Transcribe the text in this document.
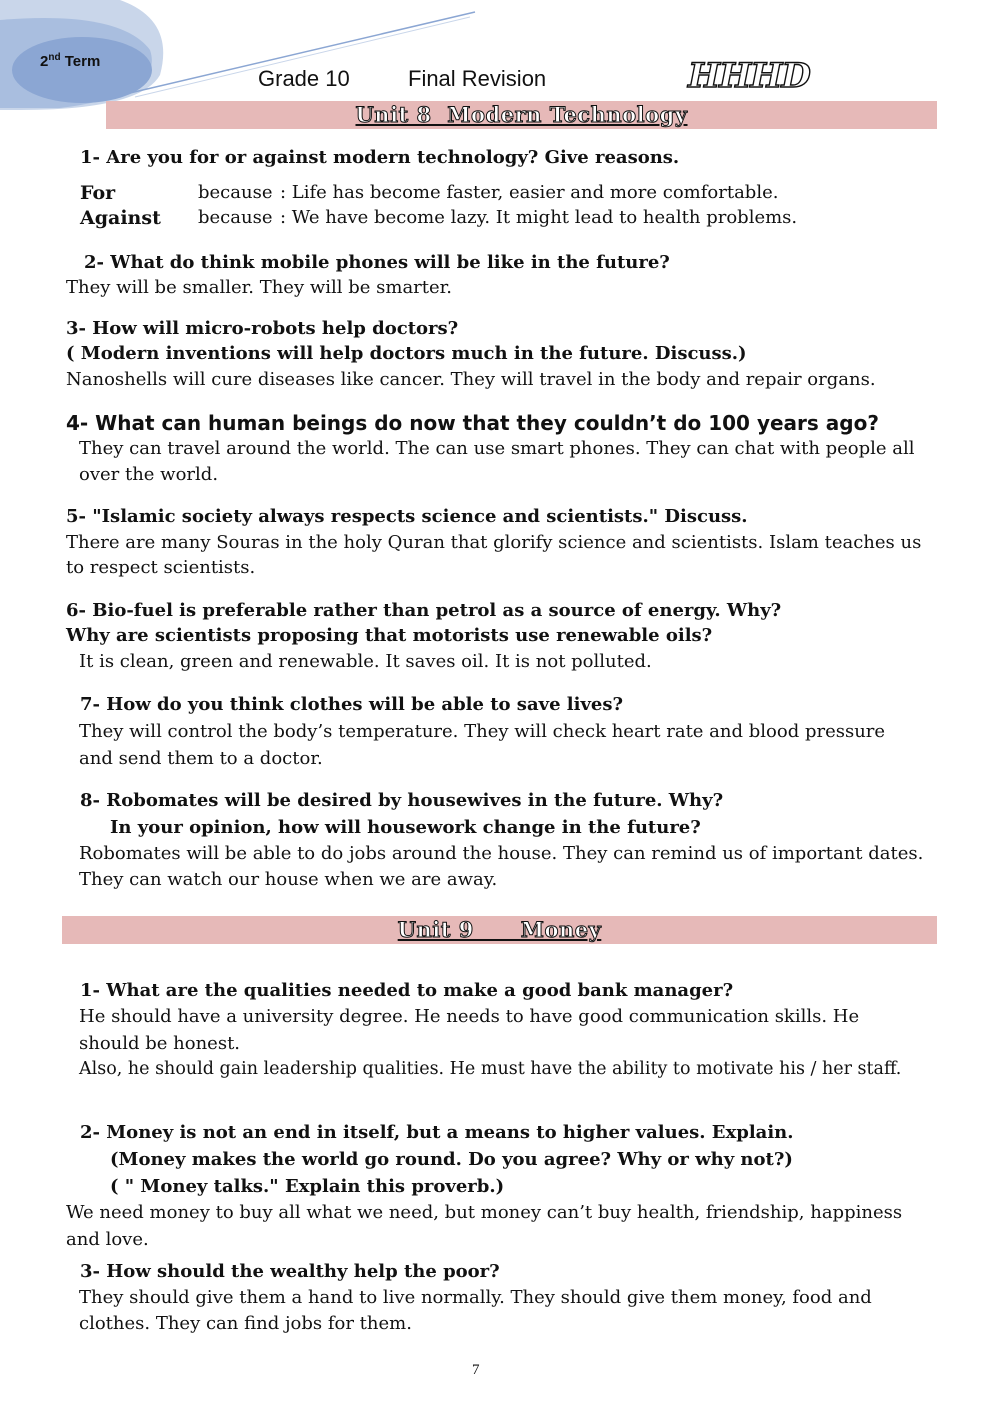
2nd Term
Grade 10	Final Revision	HHHD
Unit 8  Modern Technology
1- Are you for or against modern technology? Give reasons.
For	because : Life has become faster, easier and more comfortable.
Against because : We have become lazy. It might lead to health problems.
2- What do think mobile phones will be like in the future?
They will be smaller. They will be smarter.
3- How will micro-robots help doctors?
( Modern inventions will help doctors much in the future. Discuss.)
Nanoshells will cure diseases like cancer. They will travel in the body and repair organs.
4- What can human beings do now that they couldn’t do 100 years ago?
They can travel around the world. The can use smart phones. They can chat with people all
over the world.
5- "Islamic society always respects science and scientists." Discuss.
There are many Souras in the holy Quran that glorify science and scientists. Islam teaches us
to respect scientists.
6- Bio-fuel is preferable rather than petrol as a source of energy. Why?
Why are scientists proposing that motorists use renewable oils?
It is clean, green and renewable. It saves oil. It is not polluted.
7- How do you think clothes will be able to save lives?
They will control the body’s temperature. They will check heart rate and blood pressure
and send them to a doctor.
8- Robomates will be desired by housewives in the future. Why?
In your opinion, how will housework change in the future?
Robomates will be able to do jobs around the house. They can remind us of important dates.
They can watch our house when we are away.
Unit 9      Money
1- What are the qualities needed to make a good bank manager?
He should have a university degree. He needs to have good communication skills. He
should be honest.
Also, he should gain leadership qualities. He must have the ability to motivate his / her staff.
2- Money is not an end in itself, but a means to higher values. Explain.
(Money makes the world go round. Do you agree? Why or why not?)
( " Money talks." Explain this proverb.)
We need money to buy all what we need, but money can’t buy health, friendship, happiness
and love.
3- How should the wealthy help the poor?
They should give them a hand to live normally. They should give them money, food and
clothes. They can find jobs for them.
7
